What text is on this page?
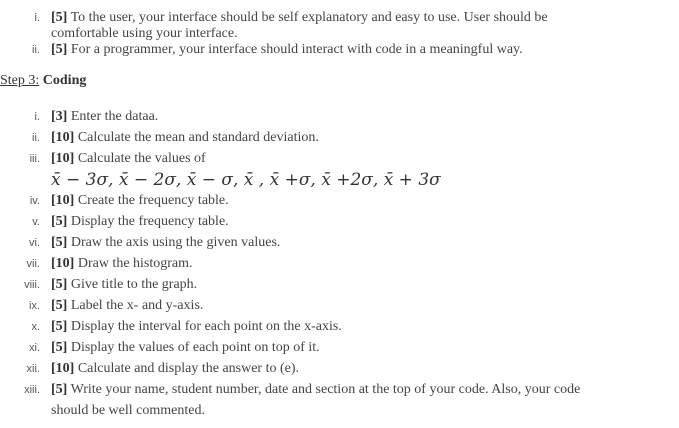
i. [5] To the user, your interface should be self explanatory and easy to use. User should be
comfortable using your interface.
ii. [5] For a programmer, your interface should interact with code in a meaningful way.
Step 3: Coding
i. [3] Enter the dataa.
ii. [10] Calculate the mean and standard deviation.
iii. [10] Calculate the values of
x̄ − 3σ, x̄ − 2σ, x̄ − σ, x̄ , x̄ +σ, x̄ +2σ, x̄ + 3σ
iv. [10] Create the frequency table.
v. [5] Display the frequency table.
vi. [5] Draw the axis using the given values.
vii. [10] Draw the histogram.
viii. [5] Give title to the graph.
ix. [5] Label the x- and y-axis.
x. [5] Display the interval for each point on the x-axis.
xi. [5] Display the values of each point on top of it.
xii. [10] Calculate and display the answer to (e).
xiii. [5] Write your name, student number, date and section at the top of your code. Also, your code
should be well commented.
